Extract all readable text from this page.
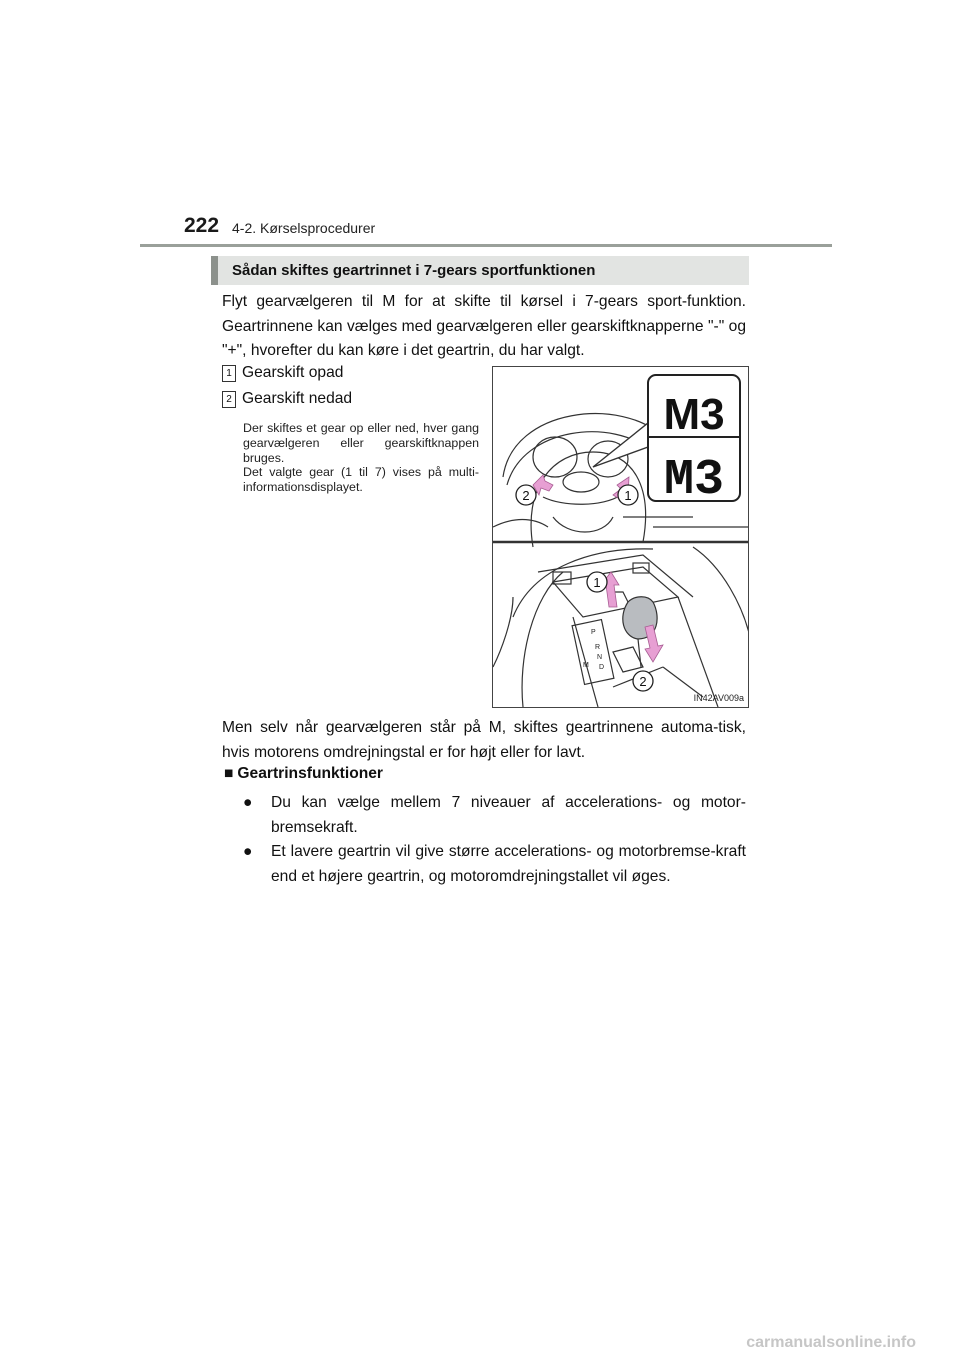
222 4-2. Kørselsprocedurer
Sådan skiftes geartrinnet i 7-gears sportfunktionen
Flyt gearvælgeren til M for at skifte til kørsel i 7-gears sport-funktion. Geartrinnene kan vælges med gearvælgeren eller gearskiftknapperne "-" og "+", hvorefter du kan køre i det geartrin, du har valgt.
1 Gearskift opad
2 Gearskift nedad

Der skiftes et gear op eller ned, hver gang gearvælgeren eller gearskiftknappen bruges.

Det valgte gear (1 til 7) vises på multi-informationsdisplayet.

P
R
N
D
M
M3
M3
2	1
1
2
IN42AV009a
Men selv når gearvælgeren står på M, skiftes geartrinnene automa-tisk, hvis motorens omdrejningstal er for højt eller for lavt.
■ Geartrinsfunktioner
● Du kan vælge mellem 7 niveauer af accelerations- og motor-bremsekraft.
● Et lavere geartrin vil give større accelerations- og motorbremse-kraft end et højere geartrin, og motoromdrejningstallet vil øges.
carmanualsonline.info
